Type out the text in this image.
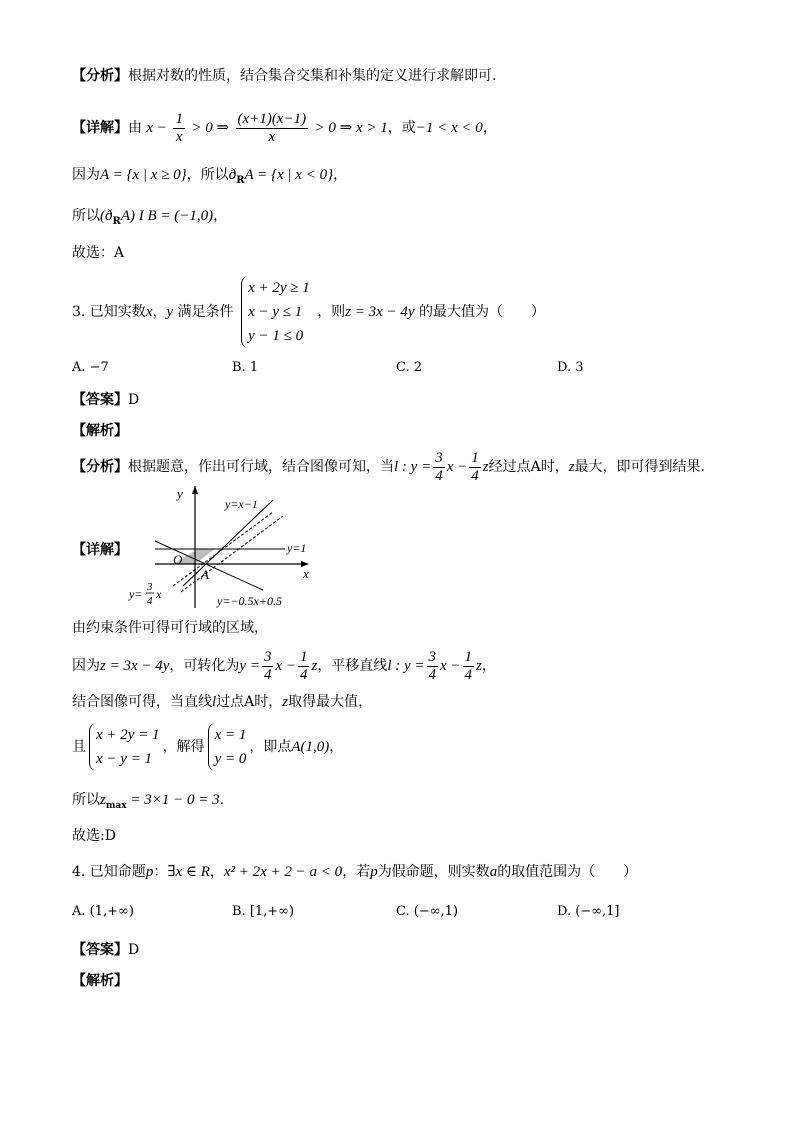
【分析】根据对数的性质，结合集合交集和补集的定义进行求解即可.
【详解】由 $x - \frac{1}{x} > 0$ ⇒ $\frac{(x+1)(x-1)}{x} > 0$ ⇒ x > 1，或−1 < x < 0，
因为A = {x | x ≥ 0}，所以$ð_RA = \{x$ | x < 0}，
所以$(ð_RA)$ I B = (−1,0)，
故选：A
3. 已知实数x，y 满足条件
x + 2y ≥ 1
x − y ≤ 1
y − 1 ≤ 0
，则z = 3x − 4y 的最大值为（　　）
A. −7	B. 1	C. 2	D. 3
【答案】D
【解析】
【分析】根据题意，作出可行域，结合图像可知，当l : $y = \frac{3}{4}$ $x - \frac{1}{4}$ z经过点A时，z最大，即可得到结果.
【详解】
y
x
O
A
y=x−1
y=1
y=−0.5x+0.5
y= 3
4 x
由约束条件可得可行域的区域，
因为z = 3x − 4y，可转化为$y = \frac{3}{4}$ $x - \frac{1}{4}$ z，平移直线l : $y = \frac{3}{4}$ $x - \frac{1}{4}$ z，
结合图像可得，当直线l过点A时，z取得最大值，
且
x + 2y = 1
x − y = 1
，解得
x = 1
y = 0
，即点A(1,0)，
所以$z_{max} = 3\times 1 - 0 = 3$.
故选:D
4. 已知命题p：∃x ∈ R，x² + 2x + 2 − a < 0，若p为假命题，则实数a的取值范围为（　　）
A. (1,+∞)	B. [1,+∞)	C. (−∞,1)	D. (−∞,1]
【答案】D
【解析】
